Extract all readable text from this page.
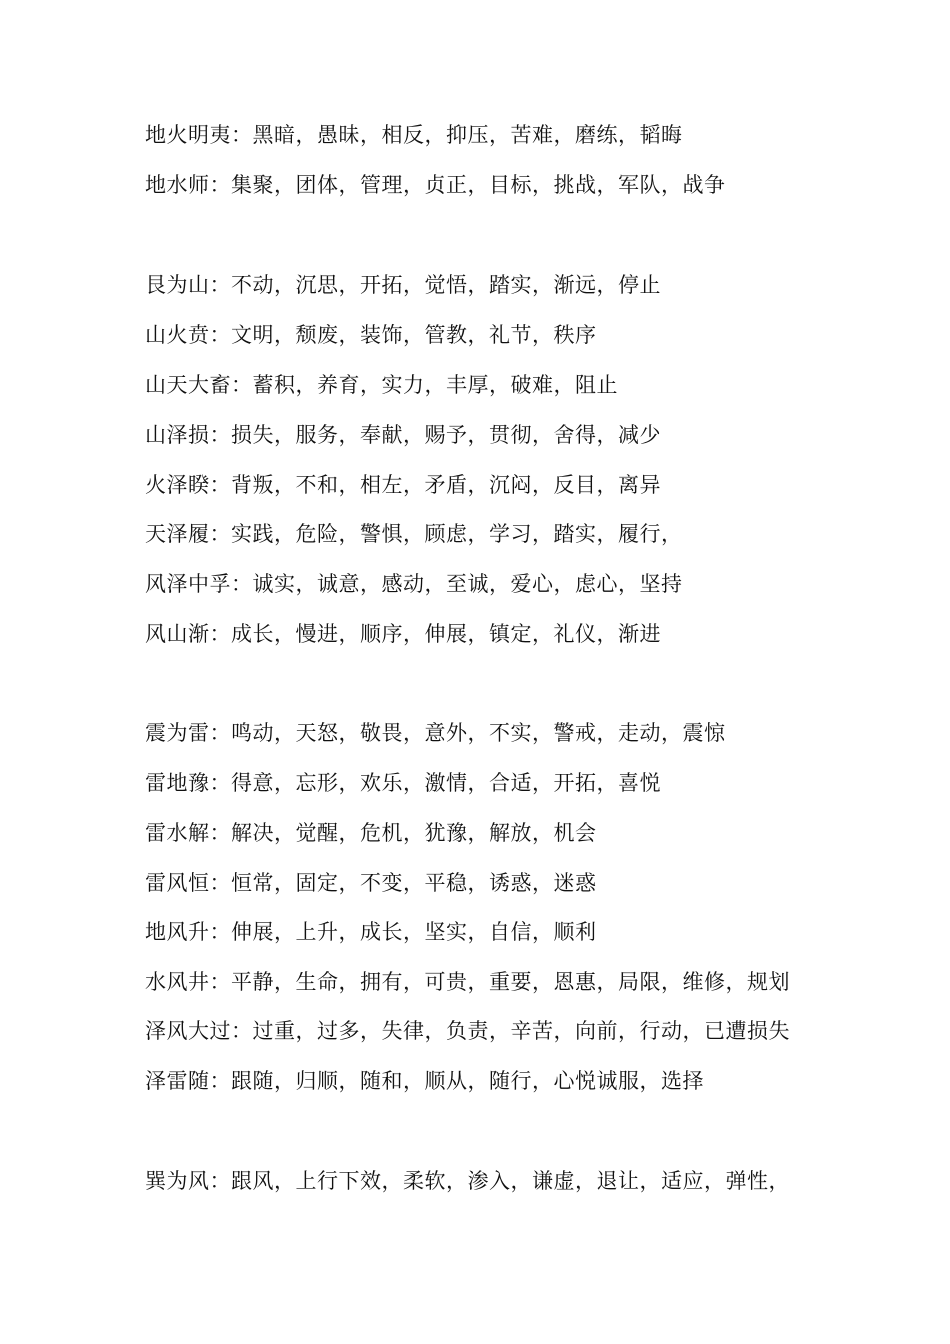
地火明夷：黑暗，愚昧，相反，抑压，苦难，磨练，韬晦
地水师：集聚，团体，管理，贞正，目标，挑战，军队，战争
艮为山：不动，沉思，开拓，觉悟，踏实，渐远，停止
山火贲：文明，颓废，装饰，管教，礼节，秩序
山天大畜：蓄积，养育，实力，丰厚，破难，阻止
山泽损：损失，服务，奉献，赐予，贯彻，舍得，减少
火泽睽：背叛，不和，相左，矛盾，沉闷，反目，离异
天泽履：实践，危险，警惧，顾虑，学习，踏实，履行，
风泽中孚：诚实，诚意，感动，至诚，爱心，虑心，坚持
风山渐：成长，慢进，顺序，伸展，镇定，礼仪，渐进
震为雷：鸣动，天怒，敬畏，意外，不实，警戒，走动，震惊
雷地豫：得意，忘形，欢乐，激情，合适，开拓，喜悦
雷水解：解决，觉醒，危机，犹豫，解放，机会
雷风恒：恒常，固定，不变，平稳，诱惑，迷惑
地风升：伸展，上升，成长，坚实，自信，顺利
水风井：平静，生命，拥有，可贵，重要，恩惠，局限，维修，规划
泽风大过：过重，过多，失律，负责，辛苦，向前，行动，已遭损失
泽雷随：跟随，归顺，随和，顺从，随行，心悦诚服，选择
巽为风：跟风，上行下效，柔软，渗入，谦虚，退让，适应，弹性，
